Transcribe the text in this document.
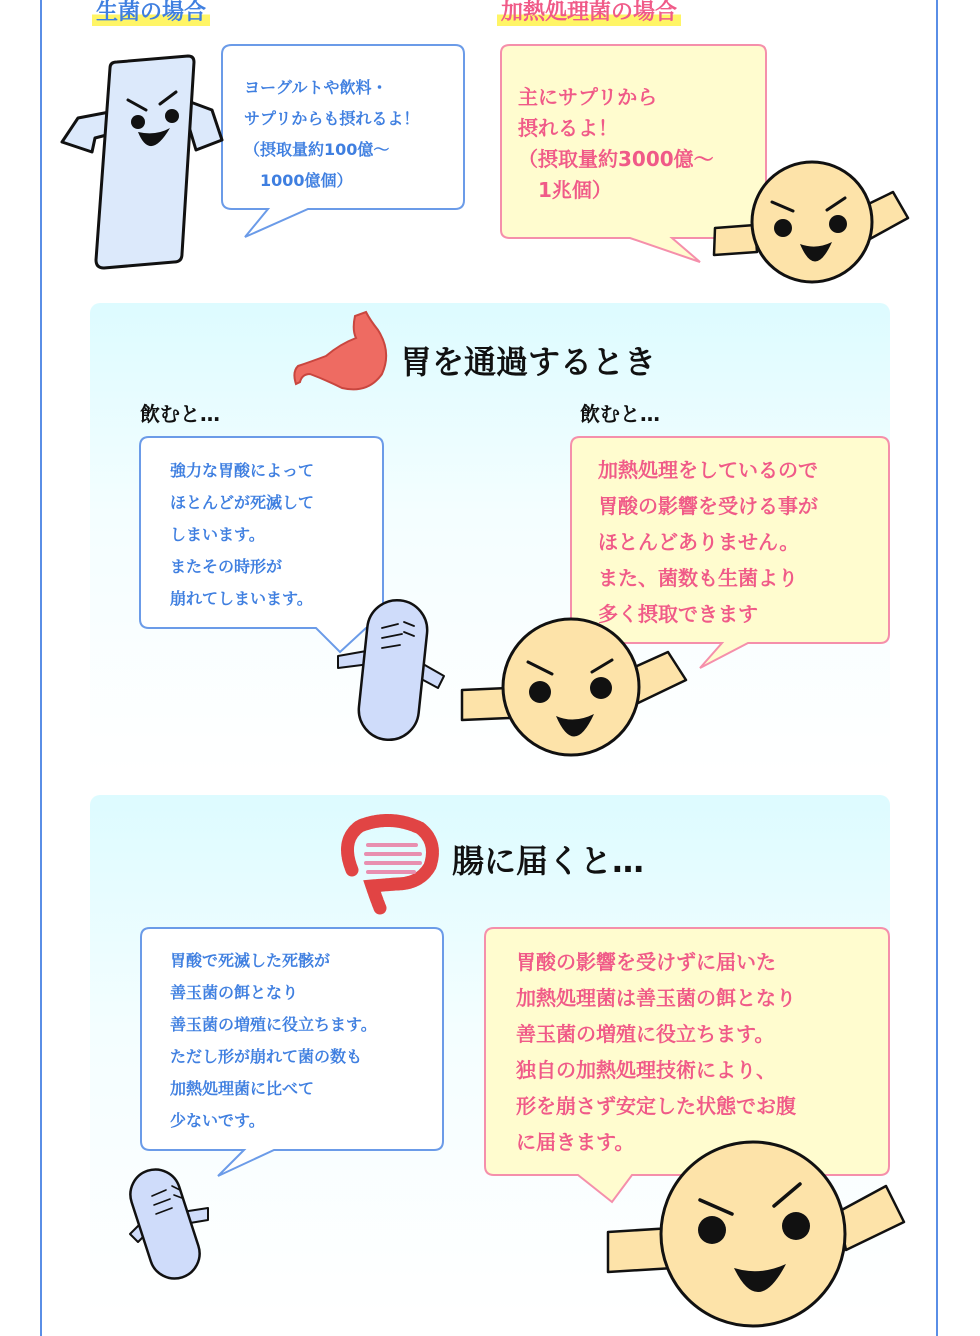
生菌の場合	加熱処理菌の場合
ヨーグルトや飲料・
サプリからも摂れるよ！
（摂取量約100億～
　1000億個）
主にサプリから
摂れるよ！
（摂取量約3000億～
　1兆個）
胃を通過するとき
飲むと…	飲むと…
強力な胃酸によって
ほとんどが死滅して
しまいます。
またその時形が
崩れてしまいます。
加熱処理をしているので
胃酸の影響を受ける事が
ほとんどありません。
また、菌数も生菌より
多く摂取できます
腸に届くと…
胃酸で死滅した死骸が
善玉菌の餌となり
善玉菌の増殖に役立ちます。
ただし形が崩れて菌の数も
加熱処理菌に比べて
少ないです。
胃酸の影響を受けずに届いた
加熱処理菌は善玉菌の餌となり
善玉菌の増殖に役立ちます。
独自の加熱処理技術により、
形を崩さず安定した状態でお腹
に届きます。
